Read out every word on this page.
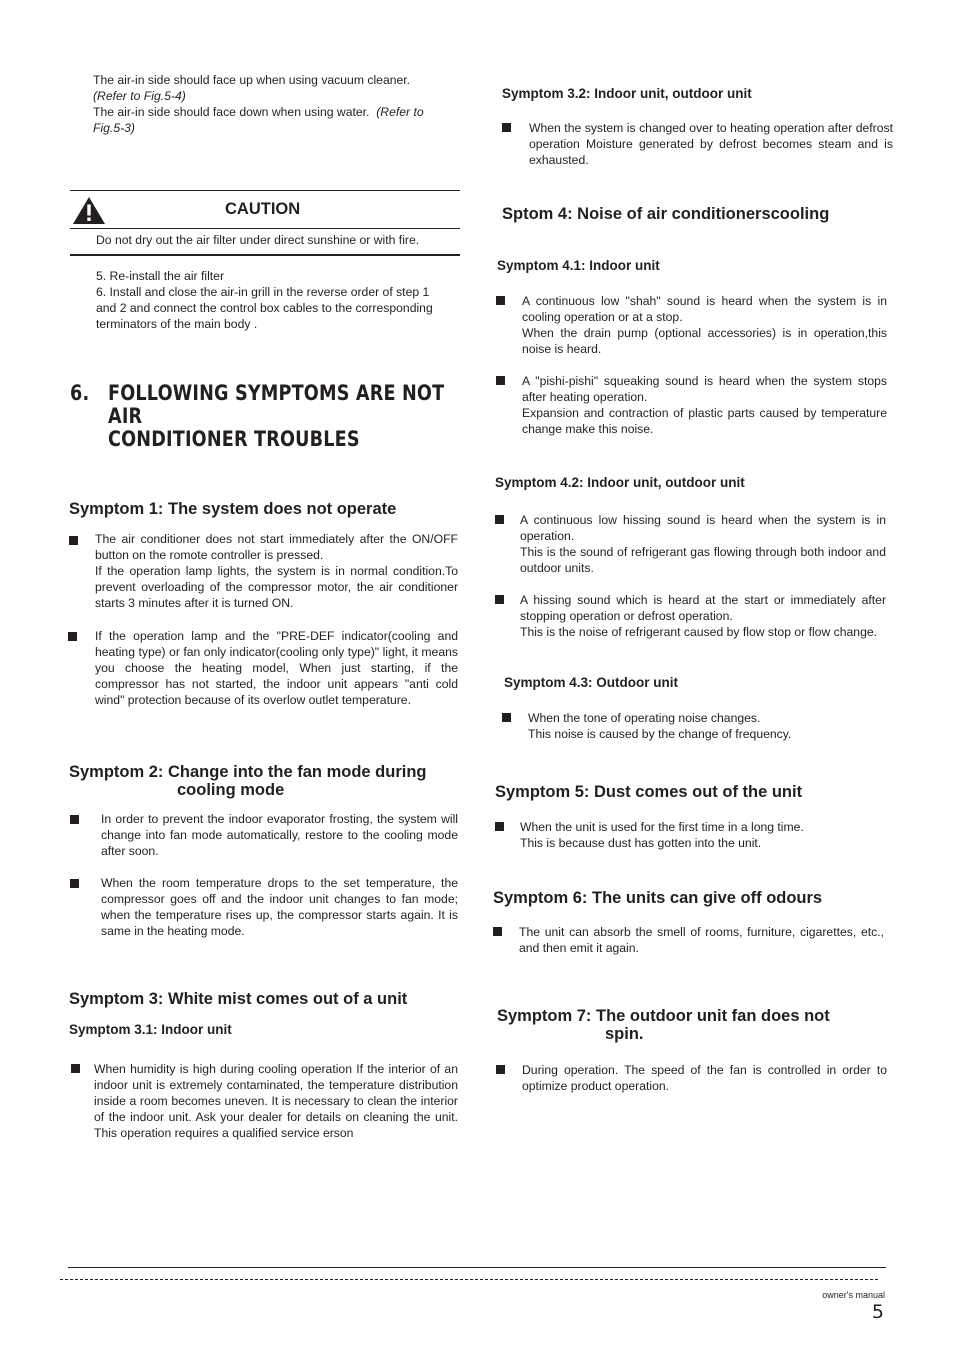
The air-in side should face up when using vacuum cleaner.
(Refer to Fig.5-4)
The air-in side should face down when using water. (Refer to
Fig.5-3)
CAUTION
Do not dry out the air filter under direct sunshine or with fire.
5. Re-install the air filter
6. Install and close the air-in grill in the reverse order of step 1
and 2 and connect the control box cables to the corresponding
terminators of the main body .
6. FOLLOWING SYMPTOMS ARE NOT AIR
CONDITIONER TROUBLES
Symptom 1: The system does not operate
The air conditioner does not start immediately after the ON/OFF button on the romote controller is pressed.
If the operation lamp lights, the system is in normal condition.To prevent overloading of the compressor motor, the air conditioner starts 3 minutes after it is turned ON.
If the operation lamp and the "PRE-DEF indicator(cooling and heating type) or fan only indicator(cooling only type)" light, it means you choose the heating model, When just starting, if the compressor has not started, the indoor unit appears "anti cold wind" protection because of its overlow outlet temperature.
Symptom 2: Change into the fan mode during
cooling mode
In order to prevent the indoor evaporator frosting, the system will change into fan mode automatically, restore to the cooling mode after soon.
When the room temperature drops to the set temperature, the compressor goes off and the indoor unit changes to fan mode; when the temperature rises up, the compressor starts again. It is same in the heating mode.
Symptom 3: White mist comes out of a unit
Symptom 3.1: Indoor unit
When humidity is high during cooling operation If the interior of an indoor unit is extremely contaminated, the temperature distribution inside a room becomes uneven. It is necessary to clean the interior of the indoor unit. Ask your dealer for details on cleaning the unit. This operation requires a qualified service erson
Symptom 3.2: Indoor unit, outdoor unit
When the system is changed over to heating operation after defrost operation Moisture generated by defrost becomes steam and is exhausted.
Sptom 4: Noise of air conditionerscooling
Symptom 4.1: Indoor unit
A continuous low "shah" sound is heard when the system is in cooling operation or at a stop.
When the drain pump (optional accessories) is in operation,this noise is heard.
A "pishi-pishi" squeaking sound is heard when the system stops after heating operation.
Expansion and contraction of plastic parts caused by temperature change make this noise.
Symptom 4.2: Indoor unit, outdoor unit
A continuous low hissing sound is heard when the system is in operation.
This is the sound of refrigerant gas flowing through both indoor and outdoor units.
A hissing sound which is heard at the start or immediately after stopping operation or defrost operation.
This is the noise of refrigerant caused by flow stop or flow change.
Symptom 4.3: Outdoor unit
When the tone of operating noise changes.
This noise is caused by the change of frequency.
Symptom 5: Dust comes out of the unit
When the unit is used for the first time in a long time.
This is because dust has gotten into the unit.
Symptom 6: The units can give off odours
The unit can absorb the smell of rooms, furniture, cigarettes, etc., and then emit it again.
Symptom 7: The outdoor unit fan does not
spin.
During operation. The speed of the fan is controlled in order to optimize product operation.
owner's manual
5
